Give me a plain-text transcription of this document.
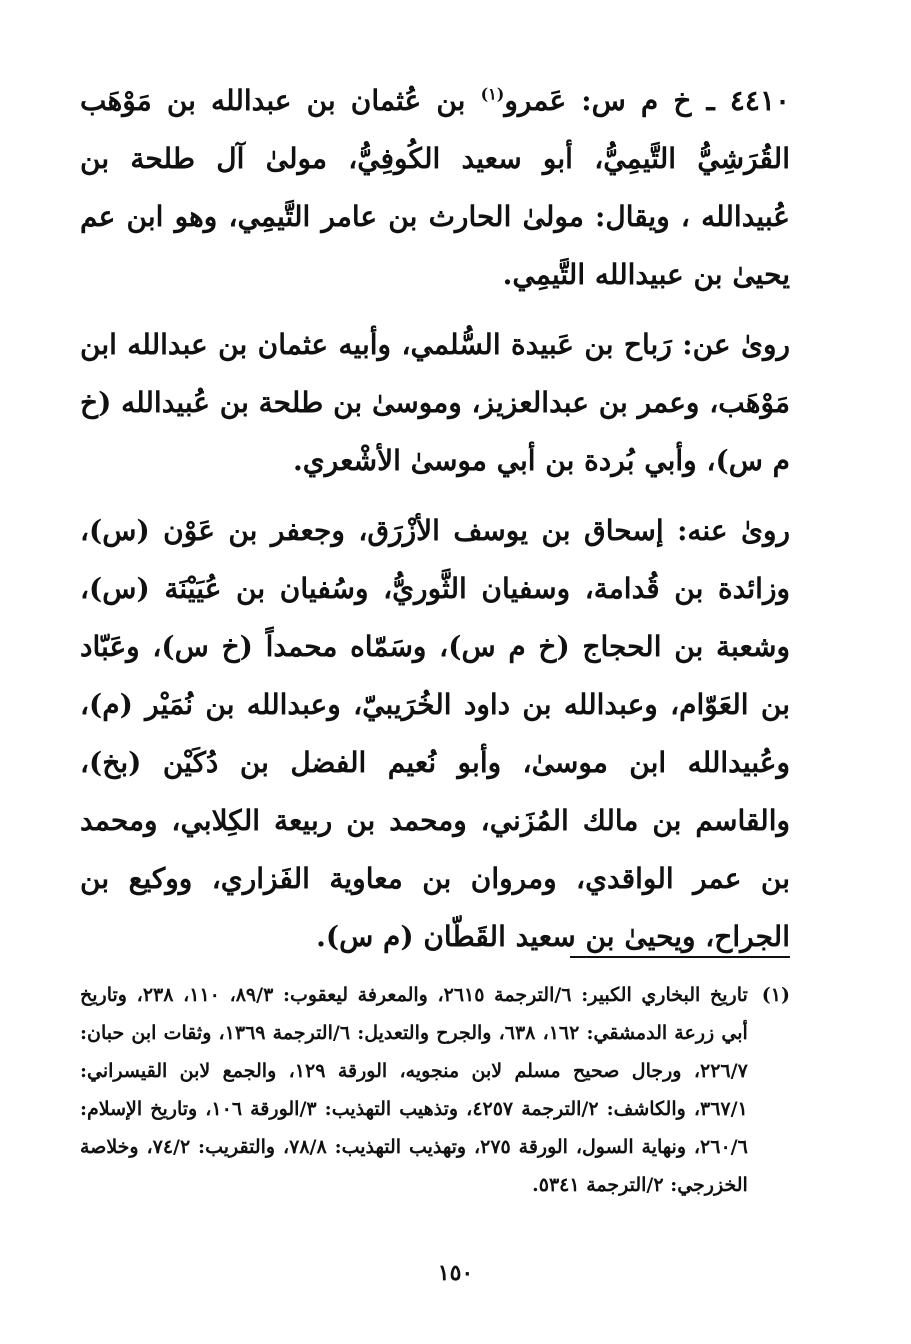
٤٤١٠ ـ خ م س: عَمرو$^{(١)}$ بن عُثمان بن عبدالله بن مَوْهَب القُرَشِيُّ التَّيمِيُّ، أبو سعيد الكُوفِيُّ، مولىٰ آل طلحة بن عُبيدالله ، ويقال: مولىٰ الحارث بن عامر التَّيمِي، وهو ابن عم يحيىٰ بن عبيدالله التَّيمِي.

روىٰ عن: رَباح بن عَبيدة السُّلمي، وأبيه عثمان بن عبدالله ابن مَوْهَب، وعمر بن عبدالعزيز، وموسىٰ بن طلحة بن عُبيدالله (خ م س)، وأبي بُردة بن أبي موسىٰ الأشْعري.

روىٰ عنه: إسحاق بن يوسف الأزْرَق، وجعفر بن عَوْن (س)، وزائدة بن قُدامة، وسفيان الثَّوريُّ، وسُفيان بن عُيَيْنَة (س)، وشعبة بن الحجاج (خ م س)، وسَمّاه محمداً (خ س)، وعَبّاد بن العَوّام، وعبدالله بن داود الخُرَيبيّ، وعبدالله بن نُمَيْر (م)، وعُبيدالله ابن موسىٰ، وأبو نُعيم الفضل بن دُكَيْن (بخ)، والقاسم بن مالك المُزَني، ومحمد بن ربيعة الكِلابي، ومحمد بن عمر الواقدي، ومروان بن معاوية الفَزاري، ووكيع بن الجراح، ويحيىٰ بن سعيد القَطّان (م س).

(١)
تاريخ البخاري الكبير: ٦/الترجمة ٢٦١٥، والمعرفة ليعقوب: ٨٩/٣، ١١٠، ٢٣٨، وتاريخ أبي زرعة الدمشقي: ١٦٢، ٦٣٨، والجرح والتعديل: ٦/الترجمة ١٣٦٩، وثقات ابن حبان: ٢٢٦/٧، ورجال صحيح مسلم لابن منجويه، الورقة ١٢٩، والجمع لابن القيسراني: ٣٦٧/١، والكاشف: ٢/الترجمة ٤٢٥٧، وتذهيب التهذيب: ٣/الورقة ١٠٦، وتاريخ الإسلام: ٢٦٠/٦، ونهاية السول، الورقة ٢٧٥، وتهذيب التهذيب: ٧٨/٨، والتقريب: ٧٤/٢، وخلاصة الخزرجي: ٢/الترجمة ٥٣٤١.
١٥٠
